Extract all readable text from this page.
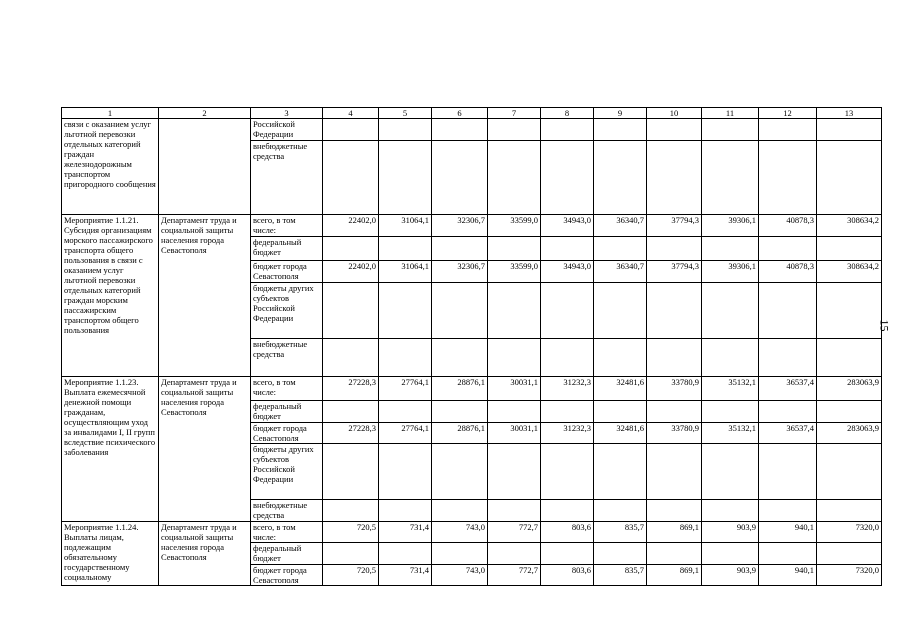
15
1	2	3	4	5	6	7	8	9	10	11	12	13
связи с оказанием услуг льготной перевозки отдельных категорий граждан железнодорожным транспортом пригородного сообщения		Российской Федерации										
		внебюджетные средства										
Мероприятие 1.1.21. Субсидия организациям морского пассажирского транспорта общего пользования в связи с оказанием услуг льготной перевозки отдельных категорий граждан морским пассажирским транспортом общего пользования	Департамент труда и социальной защиты населения города Севастополя	всего, в том числе:	22402,0	31064,1	32306,7	33599,0	34943,0	36340,7	37794,3	39306,1	40878,3	308634,2
		федеральный бюджет										
		бюджет города Севастополя	22402,0	31064,1	32306,7	33599,0	34943,0	36340,7	37794,3	39306,1	40878,3	308634,2
		бюджеты других субъектов Российской Федерации										
		внебюджетные средства										
Мероприятие 1.1.23. Выплата ежемесячной денежной помощи гражданам, осуществляющим уход за инвалидами I, II групп вследствие психического заболевания	Департамент труда и социальной защиты населения города Севастополя	всего, в том числе:	27228,3	27764,1	28876,1	30031,1	31232,3	32481,6	33780,9	35132,1	36537,4	283063,9
		федеральный бюджет										
		бюджет города Севастополя	27228,3	27764,1	28876,1	30031,1	31232,3	32481,6	33780,9	35132,1	36537,4	283063,9
		бюджеты других субъектов Российской Федерации										
		внебюджетные средства										
Мероприятие 1.1.24. Выплаты лицам, подлежащим обязательному государственному социальному	Департамент труда и социальной защиты населения города Севастополя	всего, в том числе:	720,5	731,4	743,0	772,7	803,6	835,7	869,1	903,9	940,1	7320,0
		федеральный бюджет										
		бюджет города Севастополя	720,5	731,4	743,0	772,7	803,6	835,7	869,1	903,9	940,1	7320,0
